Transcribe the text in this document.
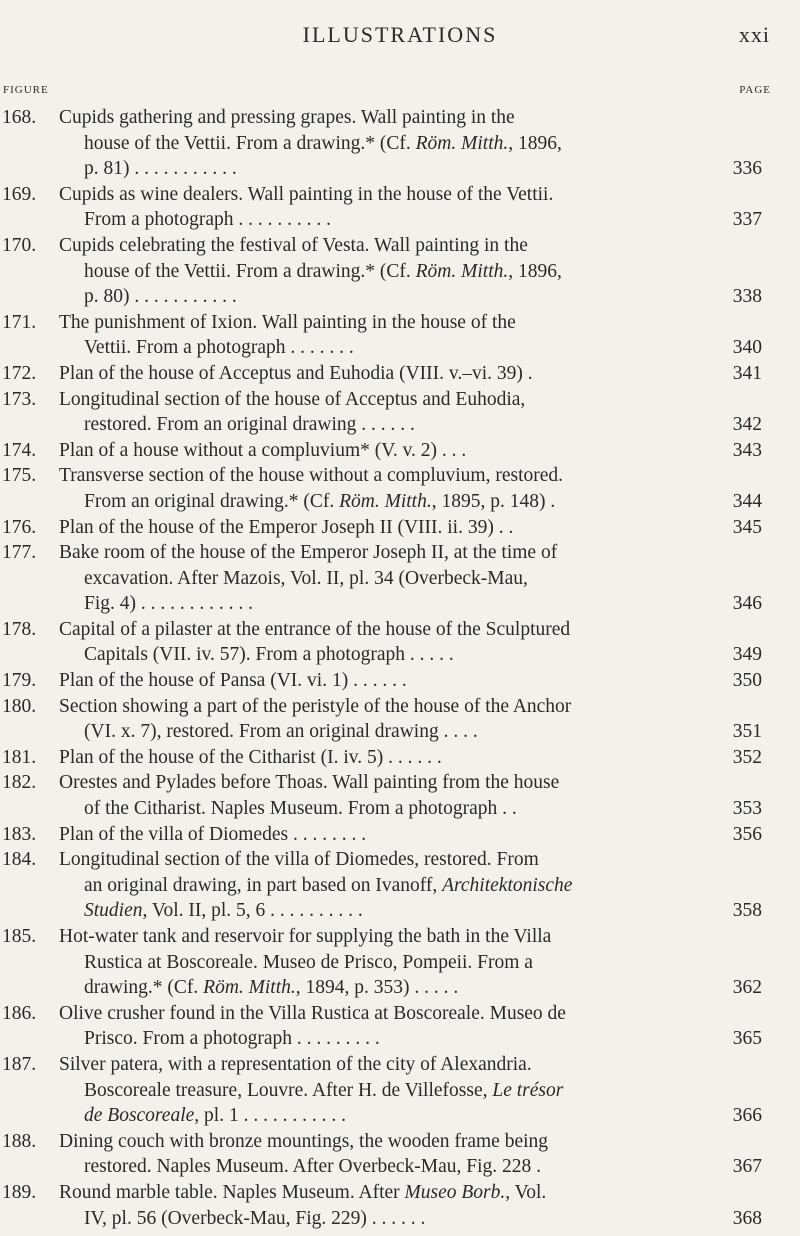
ILLUSTRATIONS	xxi
FIGURE	PAGE
168. Cupids gathering and pressing grapes. Wall painting in the
house of the Vettii. From a drawing.* (Cf. Röm. Mitth., 1896,
p. 81) . . . . . . . . . . .	336
169. Cupids as wine dealers. Wall painting in the house of the Vettii.
From a photograph . . . . . . . . . .	337
170. Cupids celebrating the festival of Vesta. Wall painting in the
house of the Vettii. From a drawing.* (Cf. Röm. Mitth., 1896,
p. 80) . . . . . . . . . . .	338
171. The punishment of Ixion. Wall painting in the house of the
Vettii. From a photograph . . . . . . .	340
172. Plan of the house of Acceptus and Euhodia (VIII. v.–vi. 39) .	341
173. Longitudinal section of the house of Acceptus and Euhodia,
restored. From an original drawing . . . . . .	342
174. Plan of a house without a compluvium* (V. v. 2) . . .	343
175. Transverse section of the house without a compluvium, restored.
From an original drawing.* (Cf. Röm. Mitth., 1895, p. 148) .	344
176. Plan of the house of the Emperor Joseph II (VIII. ii. 39) . .	345
177. Bake room of the house of the Emperor Joseph II, at the time of
excavation. After Mazois, Vol. II, pl. 34 (Overbeck-Mau,
Fig. 4) . . . . . . . . . . . .	346
178. Capital of a pilaster at the entrance of the house of the Sculptured
Capitals (VII. iv. 57). From a photograph . . . . .	349
179. Plan of the house of Pansa (VI. vi. 1) . . . . . .	350
180. Section showing a part of the peristyle of the house of the Anchor
(VI. x. 7), restored. From an original drawing . . . .	351
181. Plan of the house of the Citharist (I. iv. 5) . . . . . .	352
182. Orestes and Pylades before Thoas. Wall painting from the house
of the Citharist. Naples Museum. From a photograph . .	353
183. Plan of the villa of Diomedes . . . . . . . .	356
184. Longitudinal section of the villa of Diomedes, restored. From
an original drawing, in part based on Ivanoff, Architektonische
Studien, Vol. II, pl. 5, 6 . . . . . . . . . .	358
185. Hot-water tank and reservoir for supplying the bath in the Villa
Rustica at Boscoreale. Museo de Prisco, Pompeii. From a
drawing.* (Cf. Röm. Mitth., 1894, p. 353) . . . . .	362
186. Olive crusher found in the Villa Rustica at Boscoreale. Museo de
Prisco. From a photograph . . . . . . . . .	365
187. Silver patera, with a representation of the city of Alexandria.
Boscoreale treasure, Louvre. After H. de Villefosse, Le trésor
de Boscoreale, pl. 1 . . . . . . . . . . .	366
188. Dining couch with bronze mountings, the wooden frame being
restored. Naples Museum. After Overbeck-Mau, Fig. 228 .	367
189. Round marble table. Naples Museum. After Museo Borb., Vol.
IV, pl. 56 (Overbeck-Mau, Fig. 229) . . . . . .	368
